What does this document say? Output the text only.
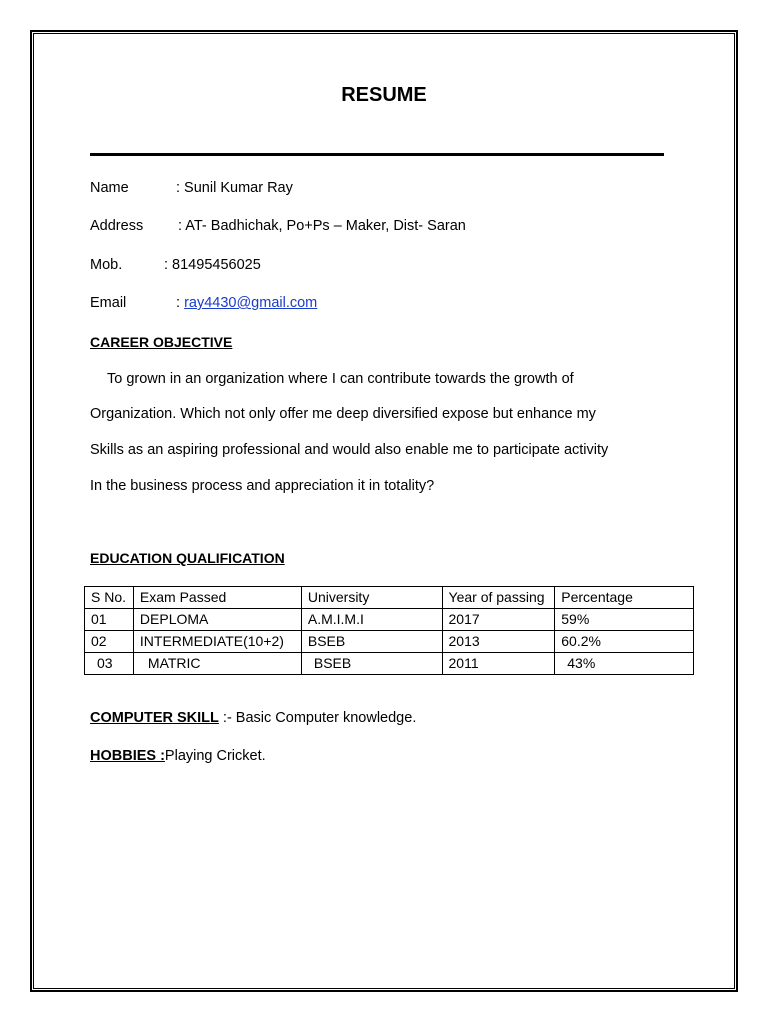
RESUME
Name	: Sunil Kumar Ray
Address : AT- Badhichak, Po+Ps – Maker, Dist- Saran
Mob.	: 81495456025
Email	: ray4430@gmail.com
CAREER OBJECTIVE
To grown in an organization where I can contribute towards the growth of
Organization. Which not only offer me deep diversified expose but enhance my
Skills as an aspiring professional and would also enable me to participate activity
In the business process and appreciation it in totality?
EDUCATION QUALIFICATION
S No.	Exam Passed	University	Year of passing	Percentage
01	DEPLOMA	A.M.I.M.I	2017	59%
02	INTERMEDIATE(10+2)	BSEB	2013	60.2%
03	MATRIC	BSEB	2011	43%
COMPUTER SKILL :- Basic Computer knowledge.
HOBBIES :Playing Cricket.
